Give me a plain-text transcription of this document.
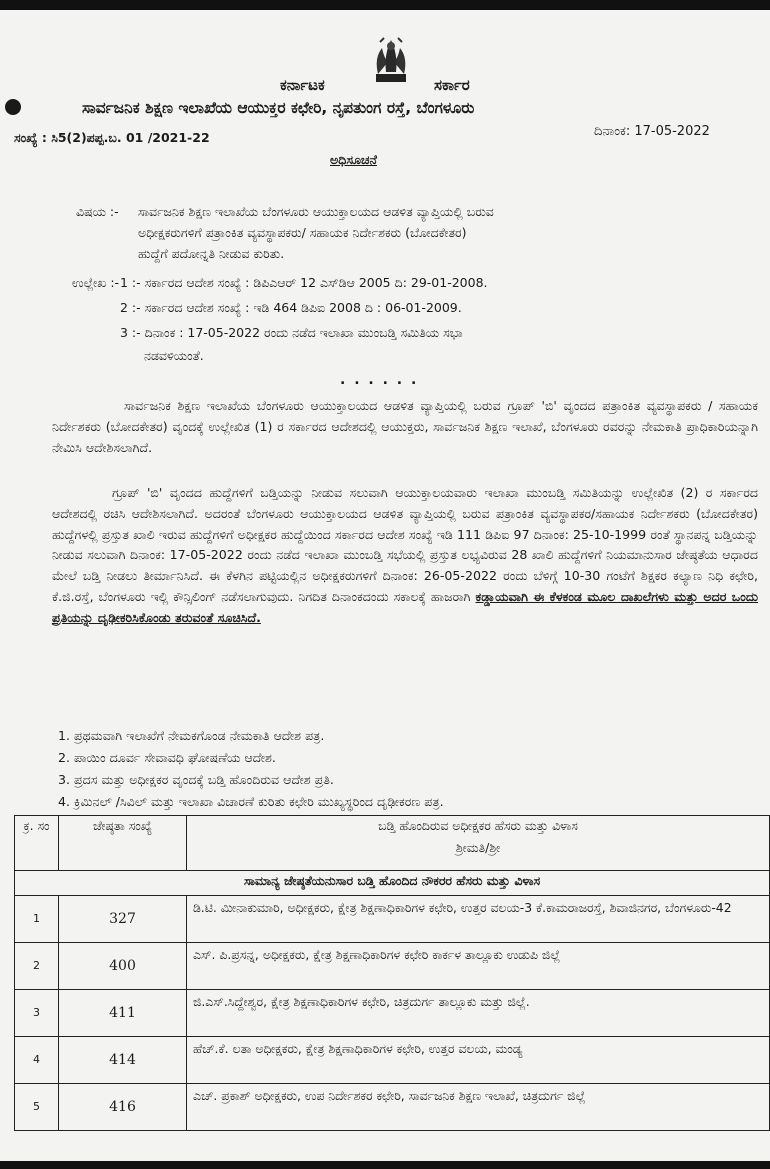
ಕರ್ನಾಟಕ	ಸರ್ಕಾರ
ಸಾರ್ವಜನಿಕ ಶಿಕ್ಷಣ ಇಲಾಖೆಯ ಆಯುಕ್ತರ ಕಛೇರಿ, ನೃಪತುಂಗ ರಸ್ತೆ, ಬೆಂಗಳೂರು
ಸಂಖ್ಯೆ : ಸಿ5(2)ಪಪ್ಪ.ಬ. 01 /2021-22	ದಿನಾಂಕ: 17-05-2022
ಅಧಿಸೂಚನೆ
ವಿಷಯ :- ಸಾರ್ವಜನಿಕ ಶಿಕ್ಷಣ ಇಲಾಖೆಯ ಬೆಂಗಳೂರು ಆಯುಕ್ತಾಲಯದ ಆಡಳಿತ ವ್ಯಾಪ್ತಿಯಲ್ಲಿ ಬರುವ
ಅಧೀಕ್ಷಕರುಗಳಿಗೆ ಪತ್ರಾಂಕಿತ ವ್ಯವಸ್ಥಾಪಕರು/ ಸಹಾಯಕ ನಿರ್ದೇಶಕರು (ಬೋದಕೇತರ)
ಹುದ್ದೆಗೆ ಪದೋನ್ನತಿ ನೀಡುವ ಕುರಿತು.
ಉಲ್ಲೇಖ :- 1 :- ಸರ್ಕಾರದ ಆದೇಶ ಸಂಖ್ಯೆ : ಡಿಪಿಎಆರ್ 12 ಎಸ್‌ಡಿಆ 2005 ದಿ: 29-01-2008.
2 :- ಸರ್ಕಾರದ ಆದೇಶ ಸಂಖ್ಯೆ : ಇಡಿ 464 ಡಿಪಿಐ 2008 ದಿ : 06-01-2009.
3 :- ದಿನಾಂಕ : 17-05-2022 ರಂದು ನಡೆದ ಇಲಾಖಾ ಮುಂಬಡ್ತಿ ಸಮಿತಿಯ ಸಭಾ
ನಡವಳಿಯಂತೆ.
. . . . . .
ಸಾರ್ವಜನಿಕ ಶಿಕ್ಷಣ ಇಲಾಖೆಯ ಬೆಂಗಳೂರು ಆಯುಕ್ತಾಲಯದ ಆಡಳಿತ ವ್ಯಾಪ್ತಿಯಲ್ಲಿ ಬರುವ ಗ್ರೂಪ್ 'ಬಿ' ವೃಂದದ ಪತ್ರಾಂಕಿತ ವ್ಯವಸ್ಥಾಪಕರು / ಸಹಾಯಕ ನಿರ್ದೇಶಕರು (ಬೋದಕೇತರ) ವೃಂದಕ್ಕೆ ಉಲ್ಲೇಖಿತ (1) ರ ಸರ್ಕಾರದ ಆದೇಶದಲ್ಲಿ ಆಯುಕ್ತರು, ಸಾರ್ವಜನಿಕ ಶಿಕ್ಷಣ ಇಲಾಖೆ, ಬೆಂಗಳೂರು ರವರನ್ನು ನೇಮಕಾತಿ ಪ್ರಾಧಿಕಾರಿಯನ್ನಾಗಿ ನೇಮಿಸಿ ಆದೇಶಿಸಲಾಗಿದೆ.
ಗ್ರೂಪ್ 'ಬಿ' ವೃಂದದ ಹುದ್ದೆಗಳಿಗೆ ಬಡ್ತಿಯನ್ನು ನೀಡುವ ಸಲುವಾಗಿ ಆಯುಕ್ತಾಲಯವಾರು ಇಲಾಖಾ ಮುಂಬಡ್ತಿ ಸಮಿತಿಯನ್ನು ಉಲ್ಲೇಖಿತ (2) ರ ಸರ್ಕಾರದ ಆದೇಶದಲ್ಲಿ ರಚಿಸಿ ಆದೇಶಿಸಲಾಗಿದೆ. ಅದರಂತೆ ಬೆಂಗಳೂರು ಆಯುಕ್ತಾಲಯದ ಆಡಳಿತ ವ್ಯಾಪ್ತಿಯಲ್ಲಿ ಬರುವ ಪತ್ರಾಂಕಿತ ವ್ಯವಸ್ಥಾಪಕರ/ಸಹಾಯಕ ನಿರ್ದೇಶಕರು (ಬೋದಕೇತರ) ಹುದ್ದೆಗಳಲ್ಲಿ ಪ್ರಸ್ತುತ ಖಾಲಿ ಇರುವ ಹುದ್ದೆಗಳಿಗೆ ಅಧೀಕ್ಷಕರ ಹುದ್ದೆಯಿಂದ ಸರ್ಕಾರದ ಆದೇಶ ಸಂಖ್ಯೆ ಇಡಿ 111 ಡಿಪಿಐ 97 ದಿನಾಂಕ: 25-10-1999 ರಂತೆ ಸ್ಥಾನಪನ್ನ ಬಡ್ತಿಯನ್ನು ನೀಡುವ ಸಲುವಾಗಿ ದಿನಾಂಕ: 17-05-2022 ರಂದು ನಡೆದ ಇಲಾಖಾ ಮುಂಬಡ್ತಿ ಸಭೆಯಲ್ಲಿ ಪ್ರಸ್ತುತ ಲಭ್ಯವಿರುವ 28 ಖಾಲಿ ಹುದ್ದೆಗಳಿಗೆ ನಿಯಮಾನುಸಾರ ಜೇಷ್ಠತೆಯ ಆಧಾರದ ಮೇಲೆ ಬಡ್ತಿ ನೀಡಲು ತೀರ್ಮಾನಿಸಿದೆ. ಈ ಕೆಳಗಿನ ಪಟ್ಟಿಯಲ್ಲಿನ ಅಧೀಕ್ಷಕರುಗಳಿಗೆ ದಿನಾಂಕ: 26-05-2022 ರಂದು ಬೆಳಿಗ್ಗೆ 10-30 ಗಂಟೆಗೆ ಶಿಕ್ಷಕರ ಕಲ್ಯಾಣ ನಿಧಿ ಕಛೇರಿ, ಕೆ.ಜಿ.ರಸ್ತೆ, ಬೆಂಗಳೂರು ಇಲ್ಲಿ ಕೌನ್ಸಿಲಿಂಗ್ ನಡೆಸಲಾಗುವುದು. ನಿಗದಿತ ದಿನಾಂಕದಂದು ಸಕಾಲಕ್ಕೆ ಹಾಜರಾಗಿ ಕಡ್ಡಾಯವಾಗಿ ಈ ಕೆಳಕಂಡ ಮೂಲ ದಾಖಲೆಗಳು ಮತ್ತು ಅದರ ಒಂದು ಪ್ರತಿಯನ್ನು ದೃಢೀಕರಿಸಿಕೊಂಡು ತರುವಂತೆ ಸೂಚಿಸಿದೆ.
1. ಪ್ರಥಮವಾಗಿ ಇಲಾಖೆಗೆ ನೇಮಕಗೊಂಡ ನೇಮಕಾತಿ ಆದೇಶ ಪತ್ರ.
2. ಪಾಯಿಂ ದೂರ್ವ ಸೇವಾವಧಿ ಘೋಷಣೆಯ ಆದೇಶ.
3. ಪ್ರದಸ ಮತ್ತು ಅಧೀಕ್ಷಕರ ವೃಂದಕ್ಕೆ ಬಡ್ತಿ ಹೊಂದಿರುವ ಆದೇಶ ಪ್ರತಿ.
4. ಕ್ರಿಮಿನಲ್ /ಸಿವಿಲ್ ಮತ್ತು ಇಲಾಖಾ ವಿಚಾರಣೆ ಕುರಿತು ಕಛೇರಿ ಮುಖ್ಯಸ್ಥರಿಂದ ದೃಢೀಕರಣ ಪತ್ರ.
ಕ್ರ. ಸಂ	ಜೇಷ್ಠತಾ ಸಂಖ್ಯೆ	ಬಡ್ತಿ ಹೊಂದಿರುವ ಅಧೀಕ್ಷಕರ ಹೆಸರು ಮತ್ತು ವಿಳಾಸ
ಶ್ರೀಮತಿ/ಶ್ರೀ

ಸಾಮಾನ್ಯ ಜೇಷ್ಠತೆಯನುಸಾರ ಬಡ್ತಿ ಹೊಂದಿದ ನೌಕರರ ಹೆಸರು ಮತ್ತು ವಿಳಾಸ		
1	327	ಡಿ.ಟಿ. ಮೀನಾಕುಮಾರಿ, ಅಧೀಕ್ಷಕರು, ಕ್ಷೇತ್ರ ಶಿಕ್ಷಣಾಧಿಕಾರಿಗಳ ಕಛೇರಿ, ಉತ್ತರ ವಲಯ-3 ಕೆ.ಕಾಮರಾಜರಸ್ತೆ, ಶಿವಾಜಿನಗರ, ಬೆಂಗಳೂರು-42
2	400	ಎಸ್. ಪಿ.ಪ್ರಸನ್ನ, ಅಧೀಕ್ಷಕರು, ಕ್ಷೇತ್ರ ಶಿಕ್ಷಣಾಧಿಕಾರಿಗಳ ಕಛೇರಿ ಕಾರ್ಕಳ ತಾಲ್ಲೂಕು ಉಡುಪಿ ಜಿಲ್ಲೆ
3	411	ಜಿ.ಎಸ್.ಸಿದ್ದೇಶ್ವರ, ಕ್ಷೇತ್ರ ಶಿಕ್ಷಣಾಧಿಕಾರಿಗಳ ಕಛೇರಿ, ಚಿತ್ರದುರ್ಗ ತಾಲ್ಲೂಕು ಮತ್ತು ಜಿಲ್ಲೆ.
4	414	ಹೆಚ್.ಕೆ. ಲತಾ ಅಧೀಕ್ಷಕರು, ಕ್ಷೇತ್ರ ಶಿಕ್ಷಣಾಧಿಕಾರಿಗಳ ಕಛೇರಿ, ಉತ್ತರ ವಲಯ, ಮಂಡ್ಯ
5	416	ಎಚ್. ಪ್ರಕಾಶ್ ಅಧೀಕ್ಷಕರು, ಉಪ ನಿರ್ದೇಶಕರ ಕಛೇರಿ, ಸಾರ್ವಜನಿಕ ಶಿಕ್ಷಣ ಇಲಾಖೆ, ಚಿತ್ರದುರ್ಗ ಜಿಲ್ಲೆ
